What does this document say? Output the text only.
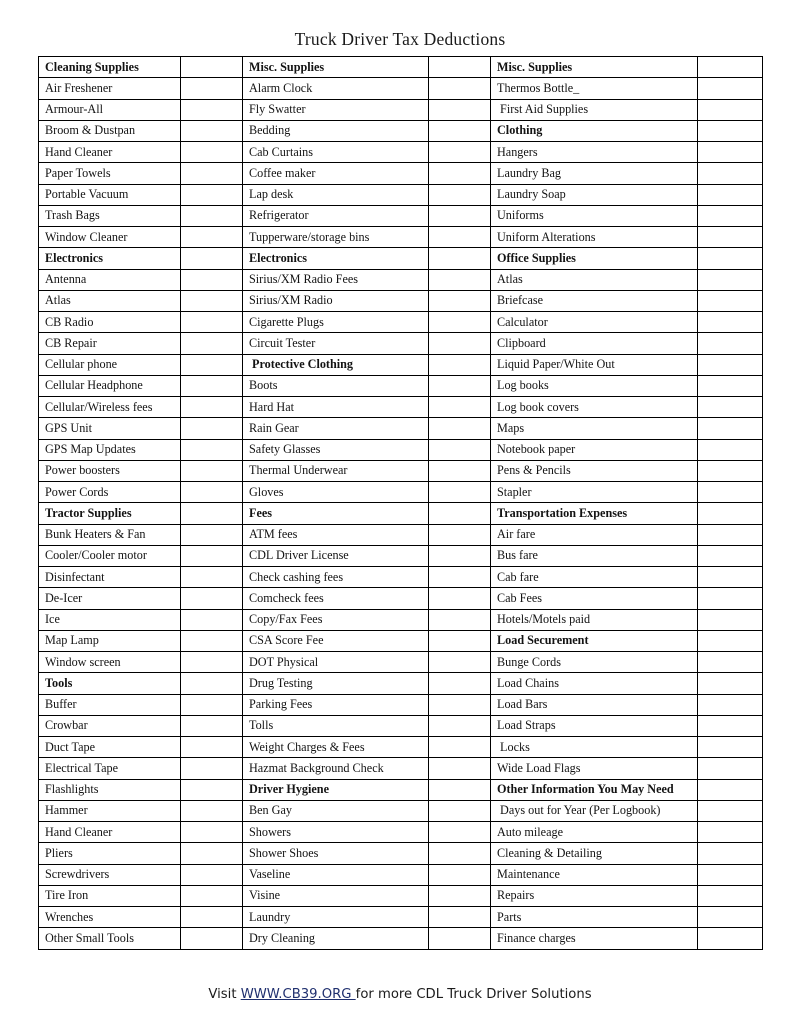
Truck Driver Tax Deductions
Cleaning Supplies		Misc. Supplies		Misc. Supplies	
Air Freshener		Alarm Clock		Thermos Bottle_	
Armour-All		Fly Swatter		First Aid Supplies	
Broom & Dustpan		Bedding		Clothing	
Hand Cleaner		Cab Curtains		Hangers	
Paper Towels		Coffee maker		Laundry Bag	
Portable Vacuum		Lap desk		Laundry Soap	
Trash Bags		Refrigerator		Uniforms	
Window Cleaner		Tupperware/storage bins		Uniform Alterations	
Electronics		Electronics		Office Supplies	
Antenna		Sirius/XM Radio Fees		Atlas	
Atlas		Sirius/XM Radio		Briefcase	
CB Radio		Cigarette Plugs		Calculator	
CB Repair		Circuit Tester		Clipboard	
Cellular phone		Protective Clothing		Liquid Paper/White Out	
Cellular Headphone		Boots		Log books	
Cellular/Wireless fees		Hard Hat		Log book covers	
GPS Unit		Rain Gear		Maps	
GPS Map Updates		Safety Glasses		Notebook paper	
Power boosters		Thermal Underwear		Pens & Pencils	
Power Cords		Gloves		Stapler	
Tractor Supplies		Fees		Transportation Expenses	
Bunk Heaters & Fan		ATM fees		Air fare	
Cooler/Cooler motor		CDL Driver License		Bus fare	
Disinfectant		Check cashing fees		Cab fare	
De-Icer		Comcheck fees		Cab Fees	
Ice		Copy/Fax Fees		Hotels/Motels paid	
Map Lamp		CSA Score Fee		Load Securement	
Window screen		DOT Physical		Bunge Cords	
Tools		Drug Testing		Load Chains	
Buffer		Parking Fees		Load Bars	
Crowbar		Tolls		Load Straps	
Duct Tape		Weight Charges & Fees		Locks	
Electrical Tape		Hazmat Background Check		Wide Load Flags	
Flashlights		Driver Hygiene		Other Information You May Need	
Hammer		Ben Gay		Days out for Year (Per Logbook)	
Hand Cleaner		Showers		Auto mileage	
Pliers		Shower Shoes		Cleaning & Detailing	
Screwdrivers		Vaseline		Maintenance	
Tire Iron		Visine		Repairs	
Wrenches		Laundry		Parts	
Other Small Tools		Dry Cleaning		Finance charges	
Visit WWW.CB39.ORG for more CDL Truck Driver Solutions
